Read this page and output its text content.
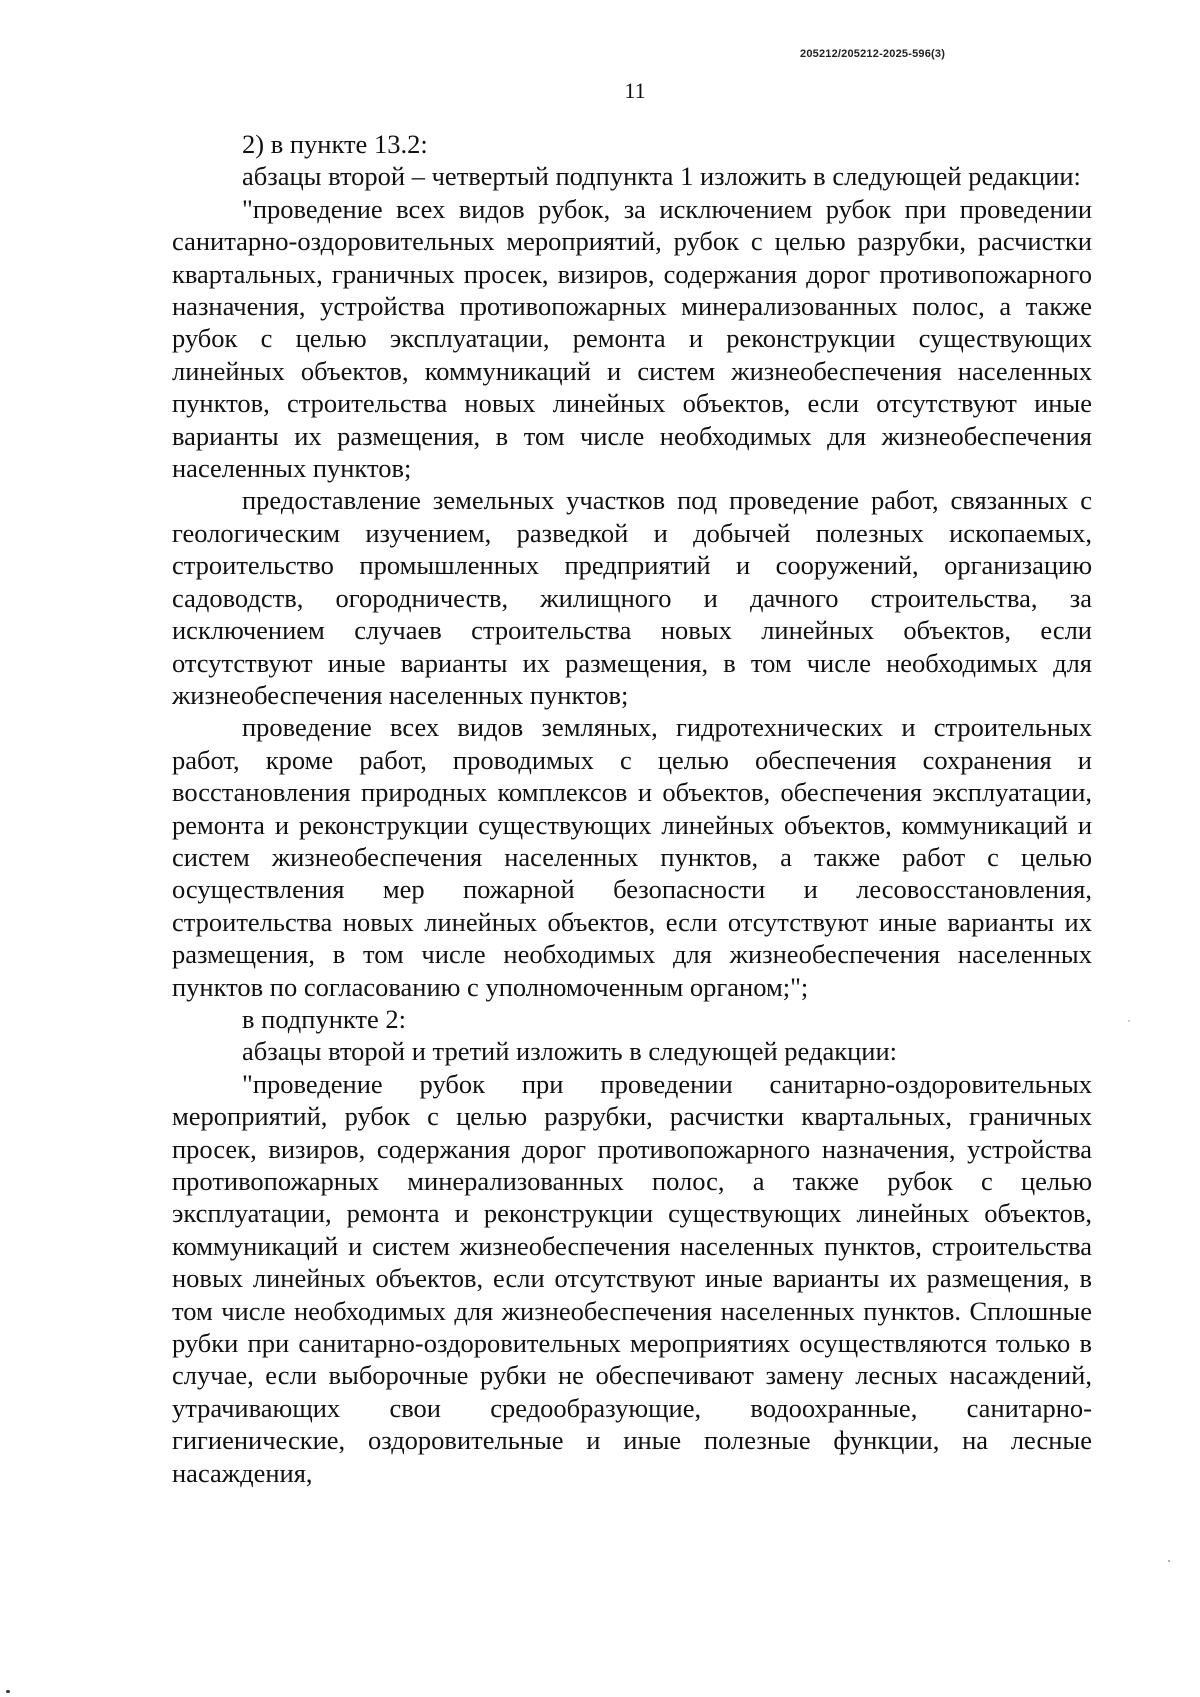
205212/205212-2025-596(3)
11

2) в пункте 13.2:

абзацы второй – четвертый подпункта 1 изложить в следующей редакции:

"проведение всех видов рубок, за исключением рубок при проведении санитарно-оздоровительных мероприятий, рубок с целью разрубки, расчистки квартальных, граничных просек, визиров, содержания дорог противопожарного назначения, устройства противопожарных минерализованных полос, а также рубок с целью эксплуатации, ремонта и реконструкции существующих линейных объектов, коммуникаций и систем жизнеобеспечения населенных пунктов, строительства новых линейных объектов, если отсутствуют иные варианты их размещения, в том числе необходимых для жизнеобеспечения населенных пунктов;

предоставление земельных участков под проведение работ, связанных с геологическим изучением, разведкой и добычей полезных ископаемых, строительство промышленных предприятий и сооружений, организацию садоводств, огородничеств, жилищного и дачного строительства, за исключением случаев строительства новых линейных объектов, если отсутствуют иные варианты их размещения, в том числе необходимых для жизнеобеспечения населенных пунктов;

проведение всех видов земляных, гидротехнических и строительных работ, кроме работ, проводимых с целью обеспечения сохранения и восстановления природных комплексов и объектов, обеспечения эксплуатации, ремонта и реконструкции существующих линейных объектов, коммуникаций и систем жизнеобеспечения населенных пунктов, а также работ с целью осуществления мер пожарной безопасности и лесовосстановления, строительства новых линейных объектов, если отсутствуют иные варианты их размещения, в том числе необходимых для жизнеобеспечения населенных пунктов по согласованию с уполномоченным органом;";

в подпункте 2:

абзацы второй и третий изложить в следующей редакции:

"проведение рубок при проведении санитарно-оздоровительных мероприятий, рубок с целью разрубки, расчистки квартальных, граничных просек, визиров, содержания дорог противопожарного назначения, устройства противопожарных минерализованных полос, а также рубок с целью эксплуатации, ремонта и реконструкции существующих линейных объектов, коммуникаций и систем жизнеобеспечения населенных пунктов, строительства новых линейных объектов, если отсутствуют иные варианты их размещения, в том числе необходимых для жизнеобеспечения населенных пунктов. Сплошные рубки при санитарно-оздоровительных мероприятиях осуществляются только в случае, если выборочные рубки не обеспечивают замену лесных насаждений, утрачивающих свои средообразующие, водоохранные, санитарно-гигиенические, оздоровительные и иные полезные функции, на лесные насаждения,
